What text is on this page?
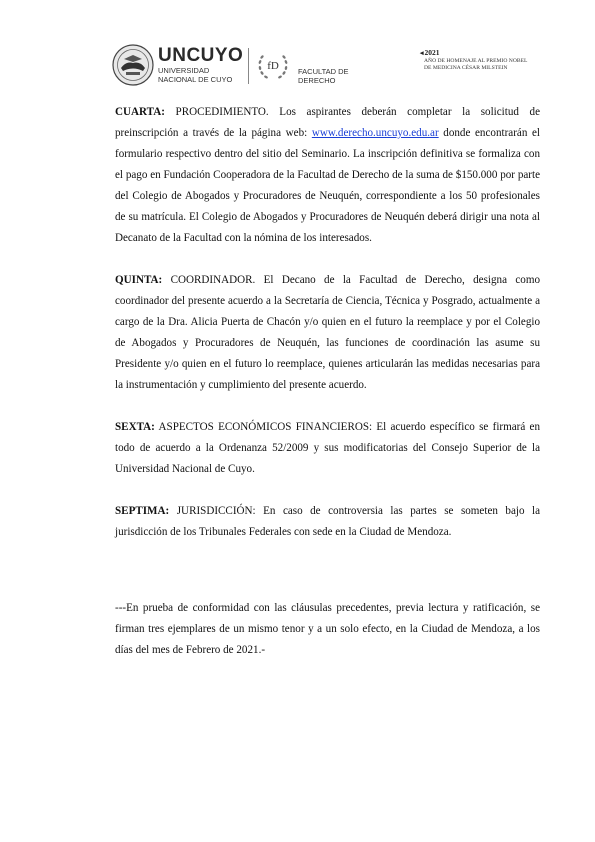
UNCUYO
UNIVERSIDAD
NACIONAL DE CUYO
fD	FACULTAD DE
DERECHO
◂ 2021
AÑO DE HOMENAJE AL PREMIO NOBEL
DE MEDICINA CÉSAR MILSTEIN

CUARTA: PROCEDIMIENTO. Los aspirantes deberán completar la solicitud de preinscripción a través de la página web: www.derecho.uncuyo.edu.ar donde encontrarán el formulario respectivo dentro del sitio del Seminario. La inscripción definitiva se formaliza con el pago en Fundación Cooperadora de la Facultad de Derecho de la suma de $150.000 por parte del Colegio de Abogados y Procuradores de Neuquén, correspondiente a los 50 profesionales de su matrícula. El Colegio de Abogados y Procuradores de Neuquén deberá dirigir una nota al Decanato de la Facultad con la nómina de los interesados.

QUINTA: COORDINADOR. El Decano de la Facultad de Derecho, designa como coordinador del presente acuerdo a la Secretaría de Ciencia, Técnica y Posgrado, actualmente a cargo de la Dra. Alicia Puerta de Chacón y/o quien en el futuro la reemplace y por el Colegio de Abogados y Procuradores de Neuquén, las funciones de coordinación las asume su Presidente y/o quien en el futuro lo reemplace, quienes articularán las medidas necesarias para la instrumentación y cumplimiento del presente acuerdo.

SEXTA: ASPECTOS ECONÓMICOS FINANCIEROS: El acuerdo específico se firmará en todo de acuerdo a la Ordenanza 52/2009 y sus modificatorias del Consejo Superior de la Universidad Nacional de Cuyo.

SEPTIMA: JURISDICCIÓN: En caso de controversia las partes se someten bajo la jurisdicción de los Tribunales Federales con sede en la Ciudad de Mendoza.

---En prueba de conformidad con las cláusulas precedentes, previa lectura y ratificación, se firman tres ejemplares de un mismo tenor y a un solo efecto, en la Ciudad de Mendoza, a los días del mes de Febrero de 2021.-
